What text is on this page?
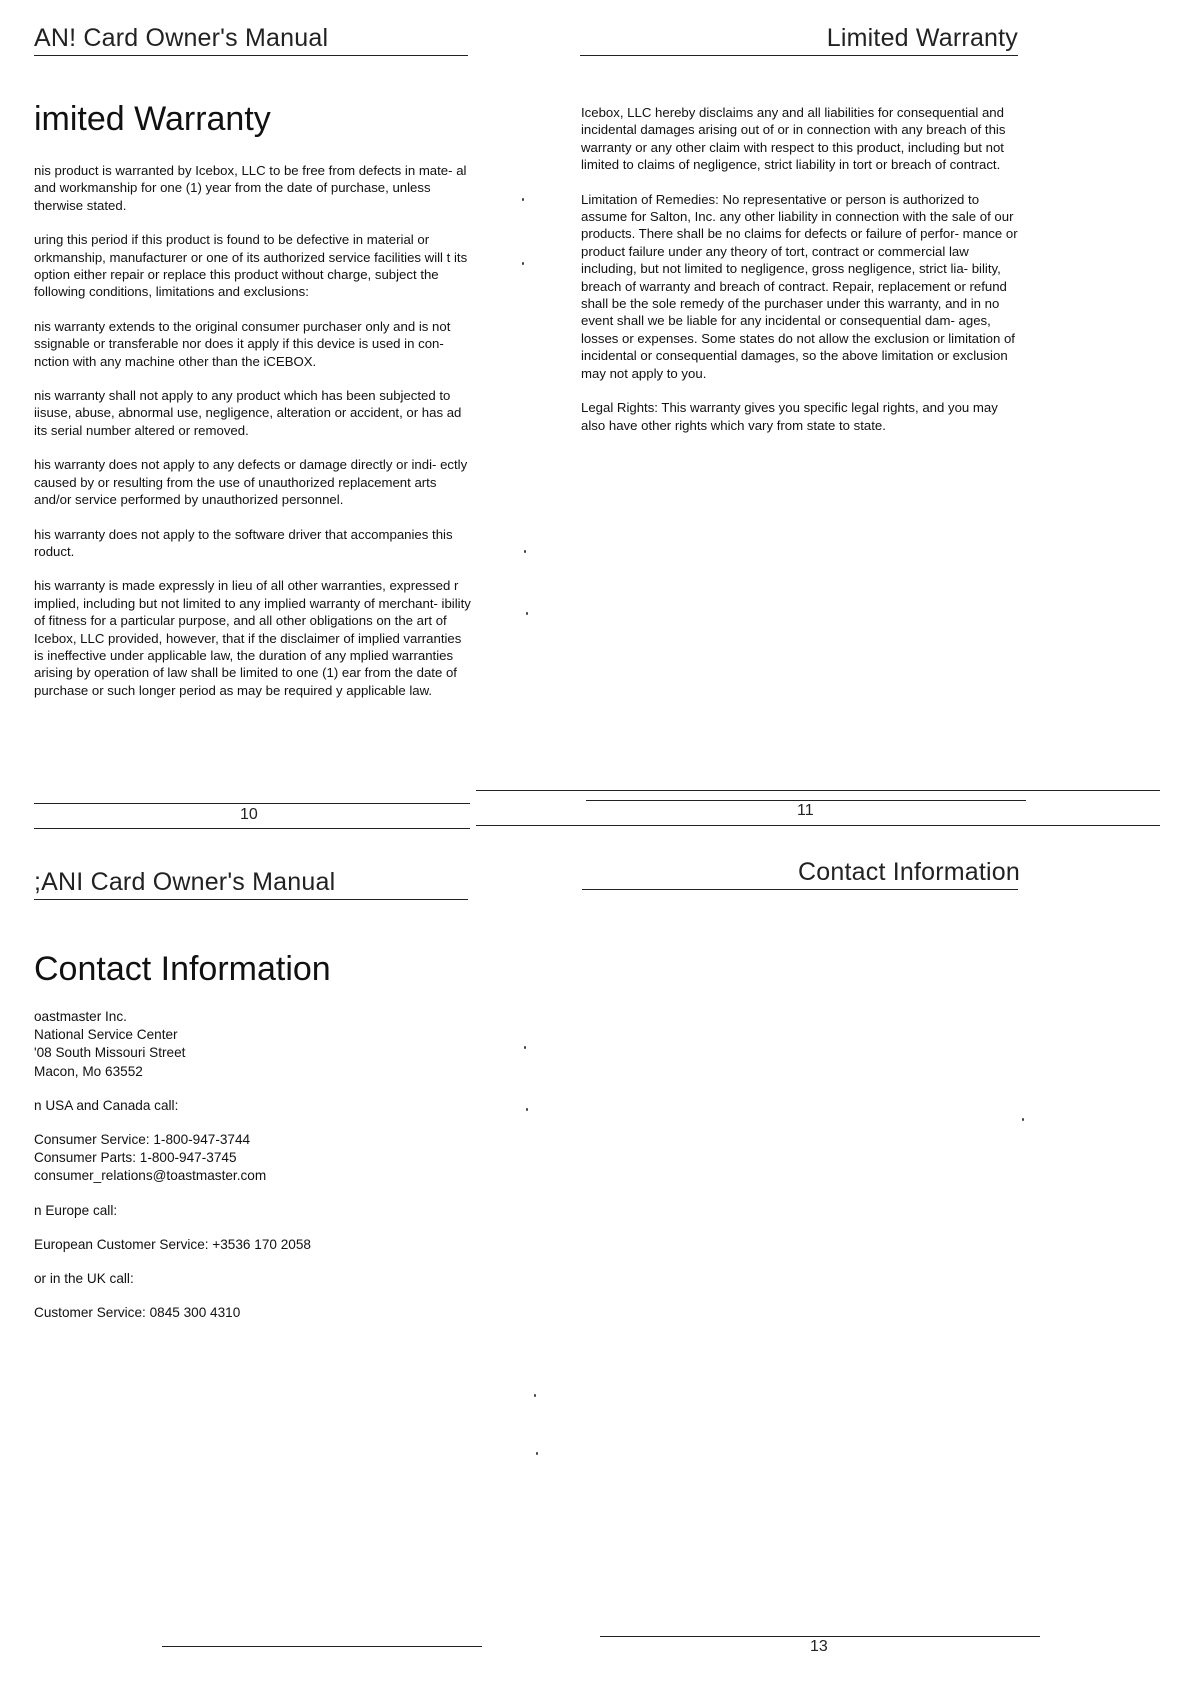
AN! Card Owner's Manual
imited Warranty

nis product is warranted by Icebox, LLC to be free from defects in mate- al and workmanship for one (1) year from the date of purchase, unless therwise stated.

uring this period if this product is found to be defective in material or orkmanship, manufacturer or one of its authorized service facilities will t its option either repair or replace this product without charge, subject the following conditions, limitations and exclusions:

nis warranty extends to the original consumer purchaser only and is not ssignable or transferable nor does it apply if this device is used in con- nction with any machine other than the iCEBOX.

nis warranty shall not apply to any product which has been subjected to iisuse, abuse, abnormal use, negligence, alteration or accident, or has ad its serial number altered or removed.

his warranty does not apply to any defects or damage directly or indi- ectly caused by or resulting from the use of unauthorized replacement arts and/or service performed by unauthorized personnel.

his warranty does not apply to the software driver that accompanies this roduct.

his warranty is made expressly in lieu of all other warranties, expressed r implied, including but not limited to any implied warranty of merchant- ibility of fitness for a particular purpose, and all other obligations on the art of Icebox, LLC provided, however, that if the disclaimer of implied varranties is ineffective under applicable law, the duration of any mplied warranties arising by operation of law shall be limited to one (1) ear from the date of purchase or such longer period as may be required y applicable law.

10
Limited Warranty

Icebox, LLC hereby disclaims any and all liabilities for consequential and incidental damages arising out of or in connection with any breach of this warranty or any other claim with respect to this product, including but not limited to claims of negligence, strict liability in tort or breach of contract.

Limitation of Remedies: No representative or person is authorized to assume for Salton, Inc. any other liability in connection with the sale of our products. There shall be no claims for defects or failure of perfor- mance or product failure under any theory of tort, contract or commercial law including, but not limited to negligence, gross negligence, strict lia- bility, breach of warranty and breach of contract. Repair, replacement or refund shall be the sole remedy of the purchaser under this warranty, and in no event shall we be liable for any incidental or consequential dam- ages, losses or expenses. Some states do not allow the exclusion or limitation of incidental or consequential damages, so the above limitation or exclusion may not apply to you.

Legal Rights: This warranty gives you specific legal rights, and you may also have other rights which vary from state to state.

11
;ANI Card Owner's Manual
Contact Information
oastmaster Inc.
National Service Center
'08 South Missouri Street
Macon, Mo 63552
n USA and Canada call:
Consumer Service: 1-800-947-3744
Consumer Parts: 1-800-947-3745
consumer_relations@toastmaster.com
n Europe call:
European Customer Service: +3536 170 2058
or in the UK call:
Customer Service: 0845 300 4310
Contact Information
13
